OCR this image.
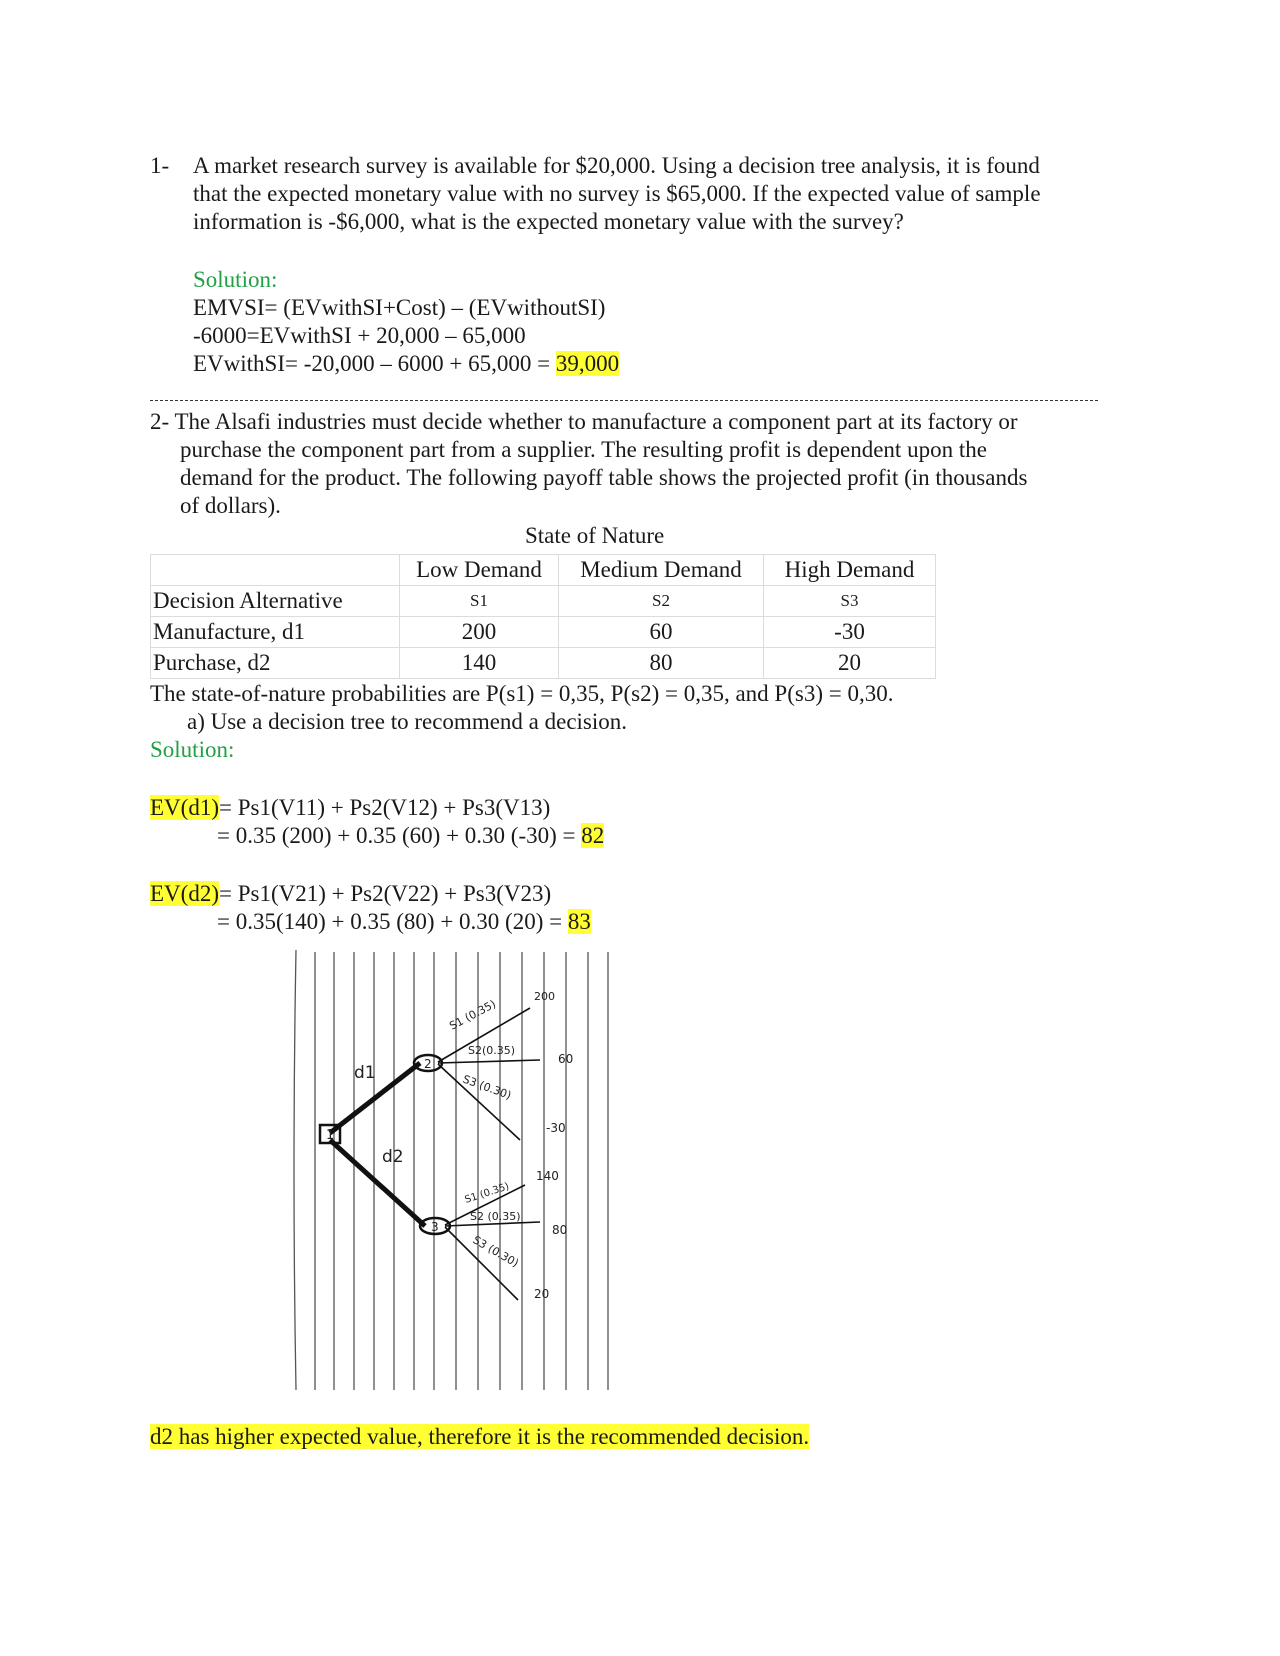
1- A market research survey is available for $20,000. Using a decision tree analysis, it is found
that the expected monetary value with no survey is $65,000. If the expected value of sample
information is -$6,000, what is the expected monetary value with the survey?
Solution:
EMVSI= (EVwithSI+Cost) – (EVwithoutSI)
-6000=EVwithSI + 20,000 – 65,000
EVwithSI= -20,000 – 6000 + 65,000 = 39,000
2- The Alsafi industries must decide whether to manufacture a component part at its factory or
purchase the component part from a supplier. The resulting profit is dependent upon the
demand for the product. The following payoff table shows the projected profit (in thousands
of dollars).
State of Nature
	Low Demand	Medium Demand	High Demand
Decision Alternative	S1	S2	S3
Manufacture, d1	200	60	-30
Purchase, d2	140	80	20
The state-of-nature probabilities are P(s1) = 0,35, P(s2) = 0,35, and P(s3) = 0,30.
a) Use a decision tree to recommend a decision.
Solution:
EV(d1)= Ps1(V11) + Ps2(V12) + Ps3(V13)
= 0.35 (200) + 0.35 (60) + 0.30 (-30) = 82
EV(d2)= Ps1(V21) + Ps2(V22) + Ps3(V23)
= 0.35(140) + 0.35 (80) + 0.30 (20) = 83
1
2
3
d1
d2
S1 (0.35)
S2(0.35)
S3 (0.30)
200
60
-30
S1 (0.35)
S2 (0.35)
S3 (0.30)
140
80
20
d2 has higher expected value, therefore it is the recommended decision.
